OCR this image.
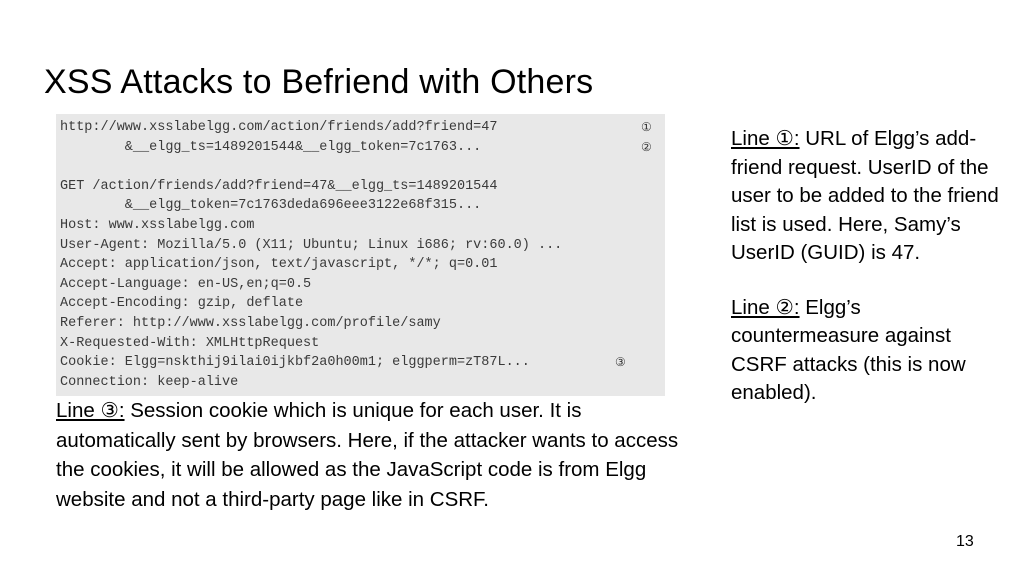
XSS Attacks to Befriend with Others
http://www.xsslabelgg.com/action/friends/add?friend=47
&__elgg_ts=1489201544&__elgg_token=7c1763...
GET /action/friends/add?friend=47&__elgg_ts=1489201544
&__elgg_token=7c1763deda696eee3122e68f315...
Host: www.xsslabelgg.com
User-Agent: Mozilla/5.0 (X11; Ubuntu; Linux i686; rv:60.0) ...
Accept: application/json, text/javascript, */*; q=0.01
Accept-Language: en-US,en;q=0.5
Accept-Encoding: gzip, deflate
Referer: http://www.xsslabelgg.com/profile/samy
X-Requested-With: XMLHttpRequest
Cookie: Elgg=nskthij9ilai0ijkbf2a0h00m1; elggperm=zT87L...
Connection: keep-alive
①
②
③

Line ①: URL of Elgg’s add-friend request. UserID of the user to be added to the friend list is used. Here, Samy’s UserID (GUID) is 47.

Line ②: Elgg’s countermeasure against CSRF attacks (this is now enabled).

Line ③: Session cookie which is unique for each user. It is automatically sent by browsers. Here, if the attacker wants to access the cookies, it will be allowed as the JavaScript code is from Elgg website and not a third-party page like in CSRF.
13
